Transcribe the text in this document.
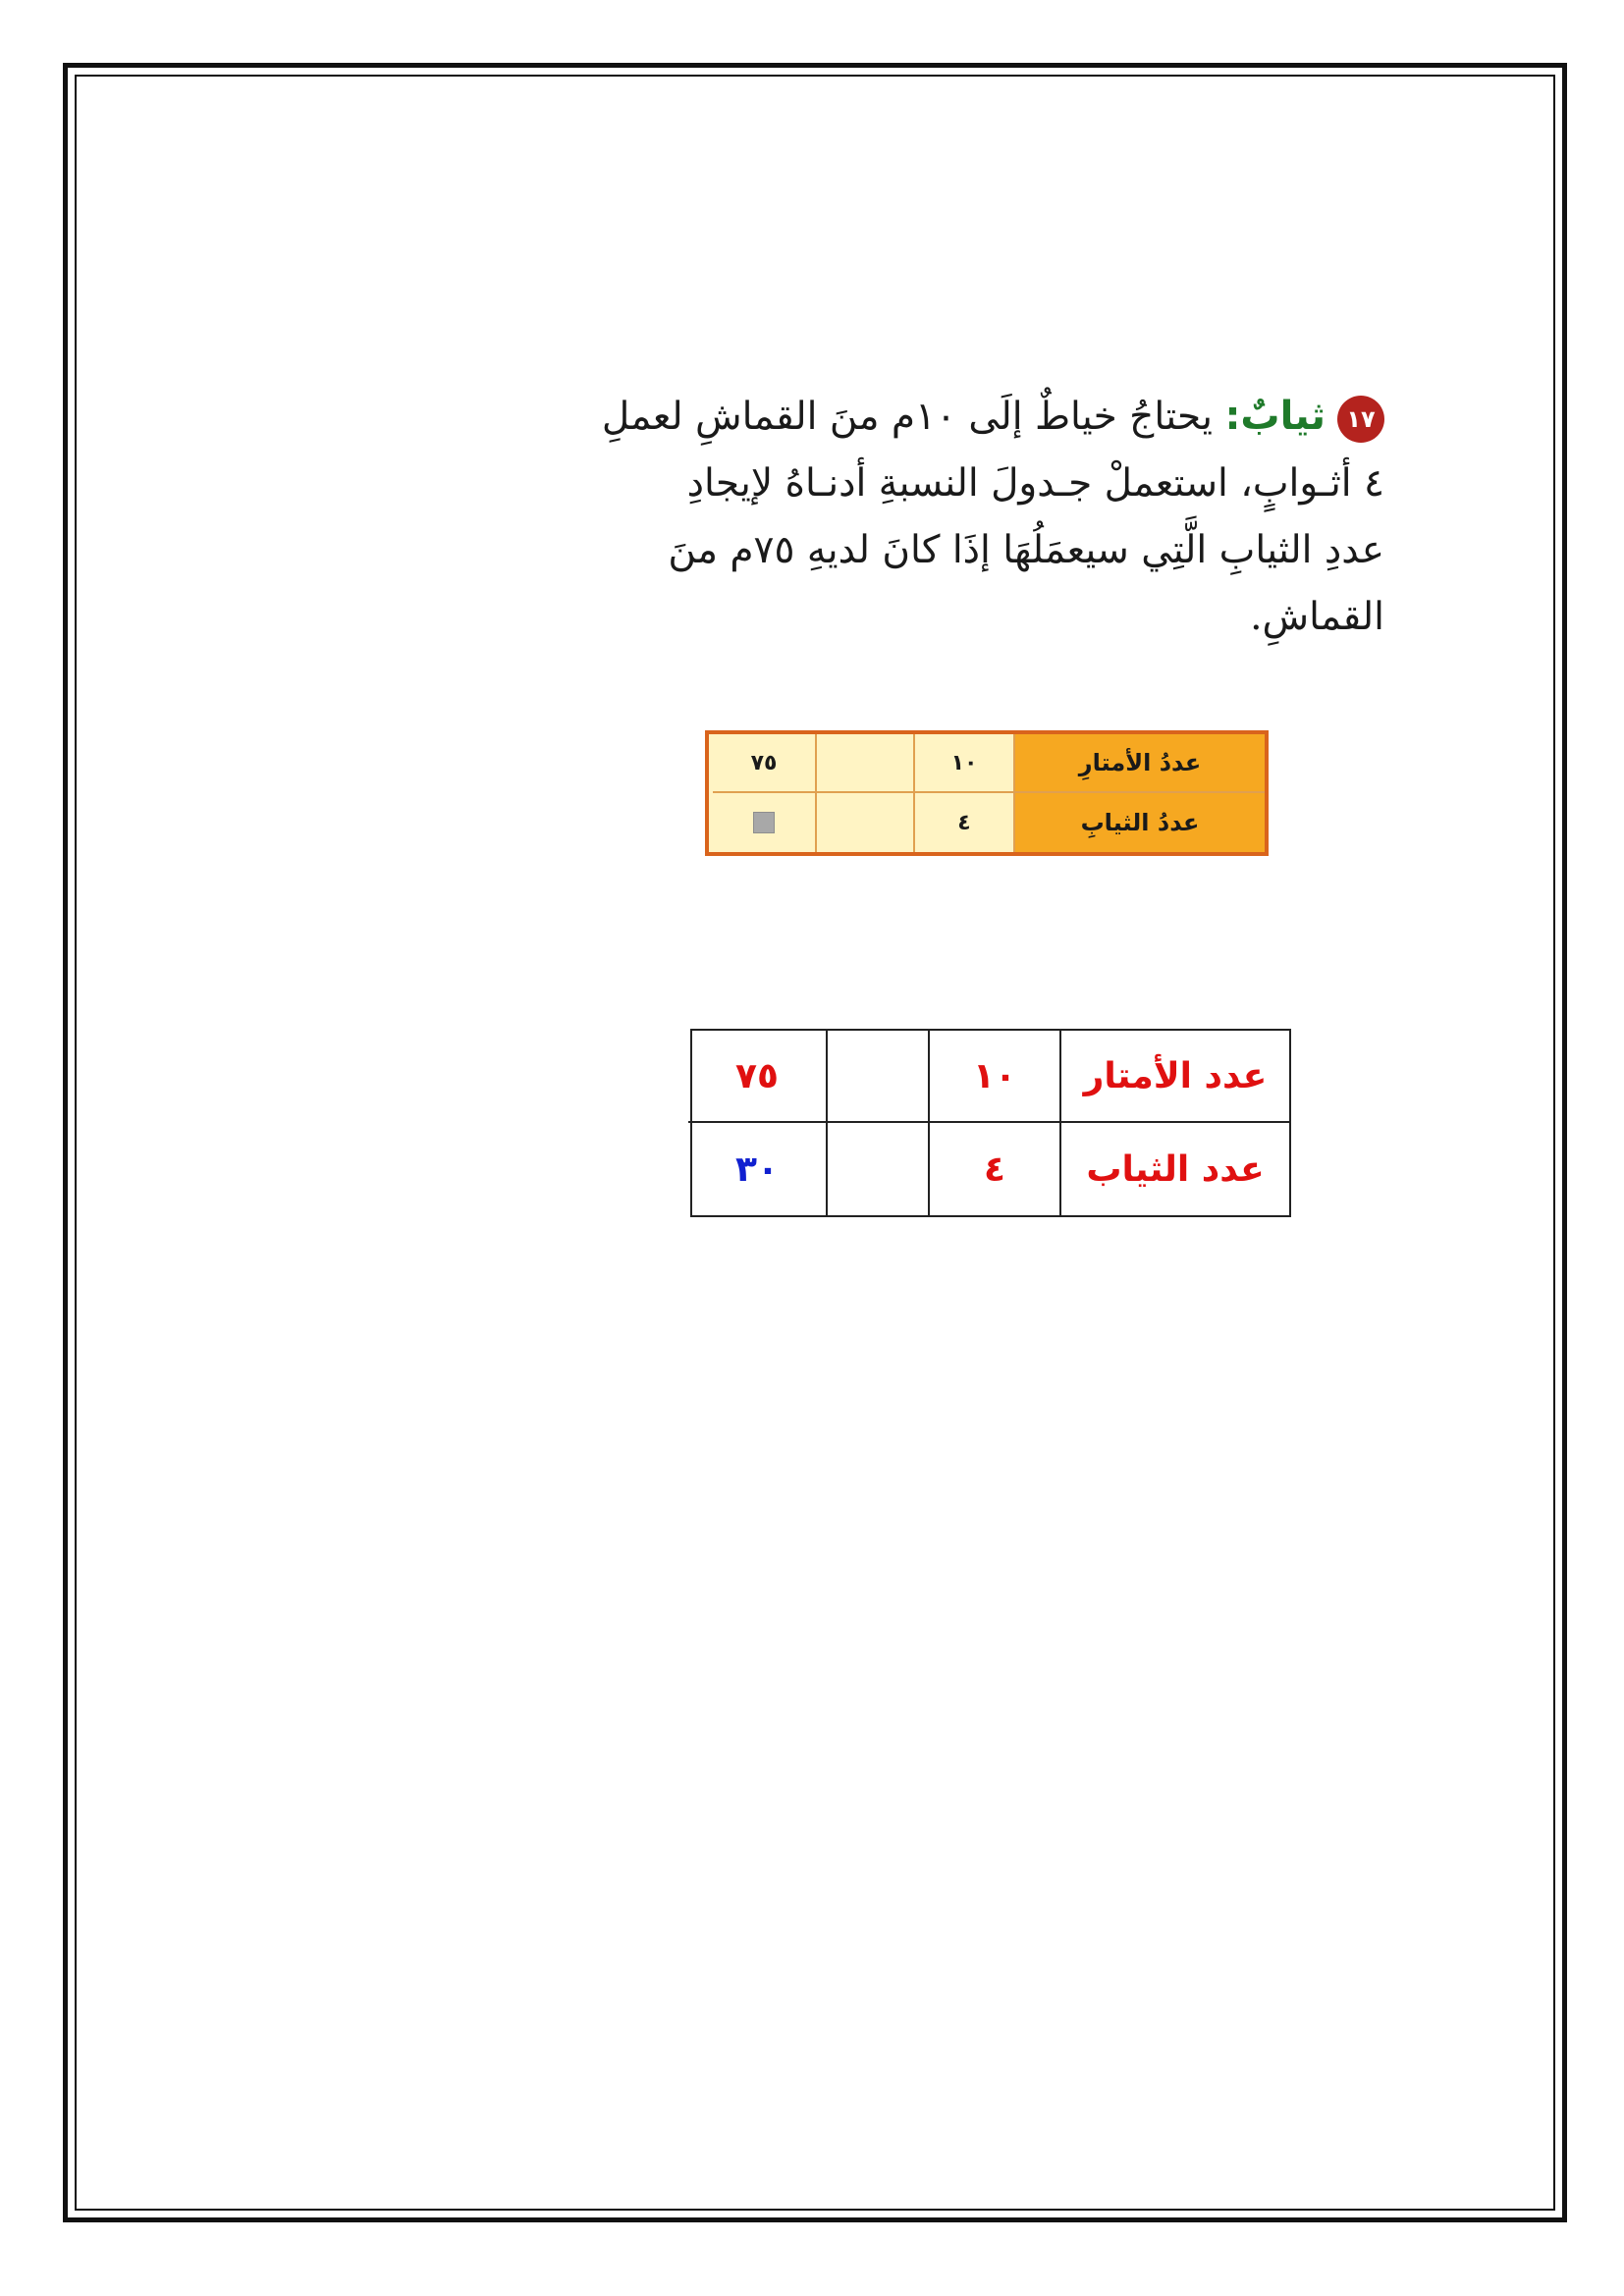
١٧ثيابٌ: يحتاجُ خياطٌ إلَى ١٠م منَ القماشِ لعملِ
٤ أثـوابٍ، استعملْ جـدولَ النسبةِ أدنـاهُ لإيجادِ
عددِ الثيابِ الَّتِي سيعمَلُهَا إذَا كانَ لديهِ ٧٥م منَ
القماشِ.
عددُ الأمتارِ
١٠
٧٥
عددُ الثيابِ
٤
عدد الأمتار
١٠
٧٥
عدد الثياب
٤
٣٠
